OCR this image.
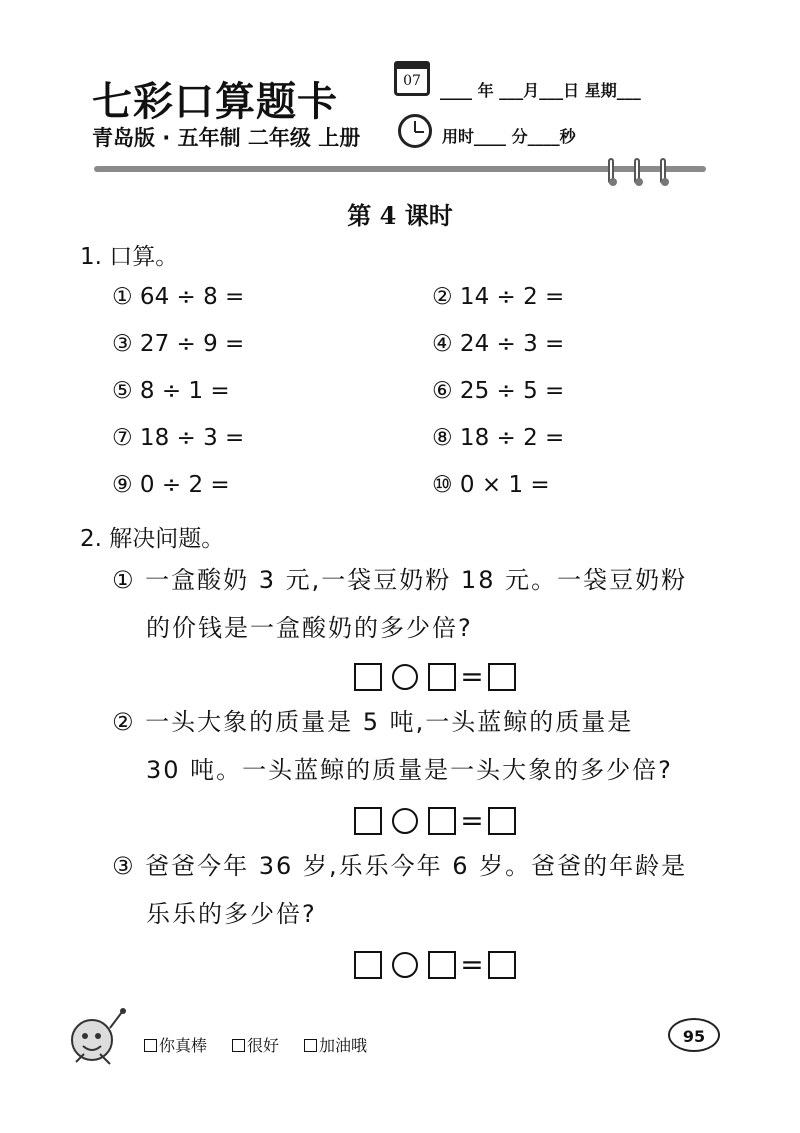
七彩口算题卡
青岛版 · 五年制 二年级 上册
07	____ 年 ___月___日 星期___
用时____ 分____秒
第 4 课时
1. 口算。
① 64 ÷ 8 =	② 14 ÷ 2 =
③ 27 ÷ 9 =	④ 24 ÷ 3 =
⑤ 8 ÷ 1 =	⑥ 25 ÷ 5 =
⑦ 18 ÷ 3 =	⑧ 18 ÷ 2 =
⑨ 0 ÷ 2 =	⑩ 0 × 1 =
2. 解决问题。
① 一盒酸奶 3 元,一袋豆奶粉 18 元。一袋豆奶粉
的价钱是一盒酸奶的多少倍?
=
② 一头大象的质量是 5 吨,一头蓝鲸的质量是
30 吨。一头蓝鲸的质量是一头大象的多少倍?
=
③ 爸爸今年 36 岁,乐乐今年 6 岁。爸爸的年龄是
乐乐的多少倍?
=
你真棒	很好	加油哦	95
